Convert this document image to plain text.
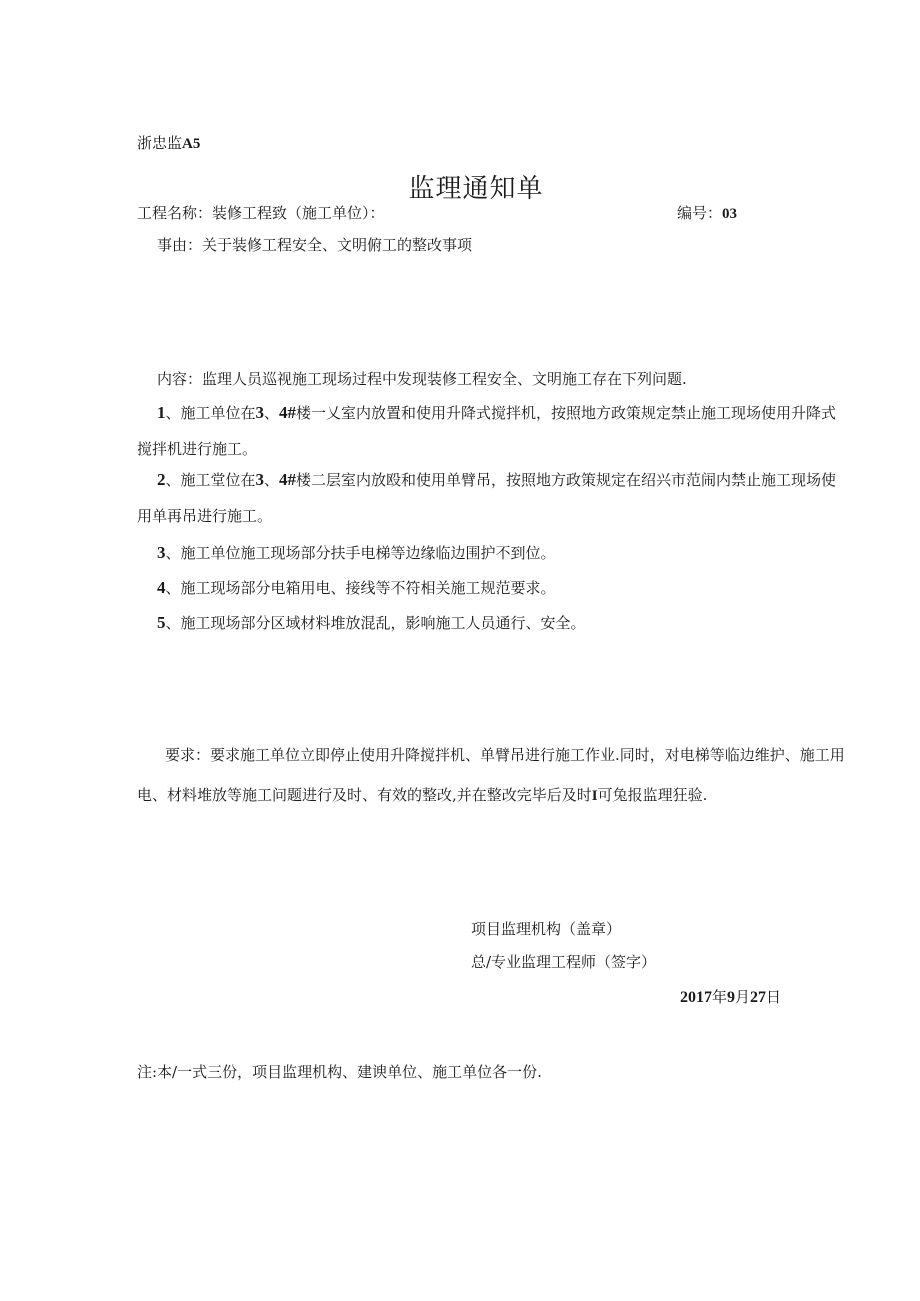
浙忠监A5
监理通知单
工程名称：装修工程致（施工单位）：	编号：03
事由：关于装修工程安全、文明俯工的整改事项
内容：监理人员巡视施工现场过程中发现装修工程安全、文明施工存在下列问题.
1、施工单位在3、4#楼一乂室内放置和使用升降式搅拌机，按照地方政策规定禁止施工现场使用升降式搅拌机进行施工。
2、施工堂位在3、4#楼二层室内放殴和使用单臂吊，按照地方政策规定在绍兴市范闹内禁止施工现场使用单再吊进行施工。
3、施工单位施工现场部分扶手电梯等边缘临边围护不到位。
4、施工现场部分电箱用电、接线等不符相关施工规范要求。
5、施工现场部分区域材料堆放混乱，影响施工人员通行、安全。
要求：要求施工单位立即停止使用升降搅拌机、单臂吊进行施工作业.同时，对电梯等临边维护、施工用电、材料堆放等施工问题进行及时、有效的整改,并在整改完毕后及时I可兔报监理狂验.
项目监理机构（盖章）
总/专业监理工程师（签字）
2017年9月27日
注:本/一式三份，项目监理机构、建谀单位、施工单位各一份.
